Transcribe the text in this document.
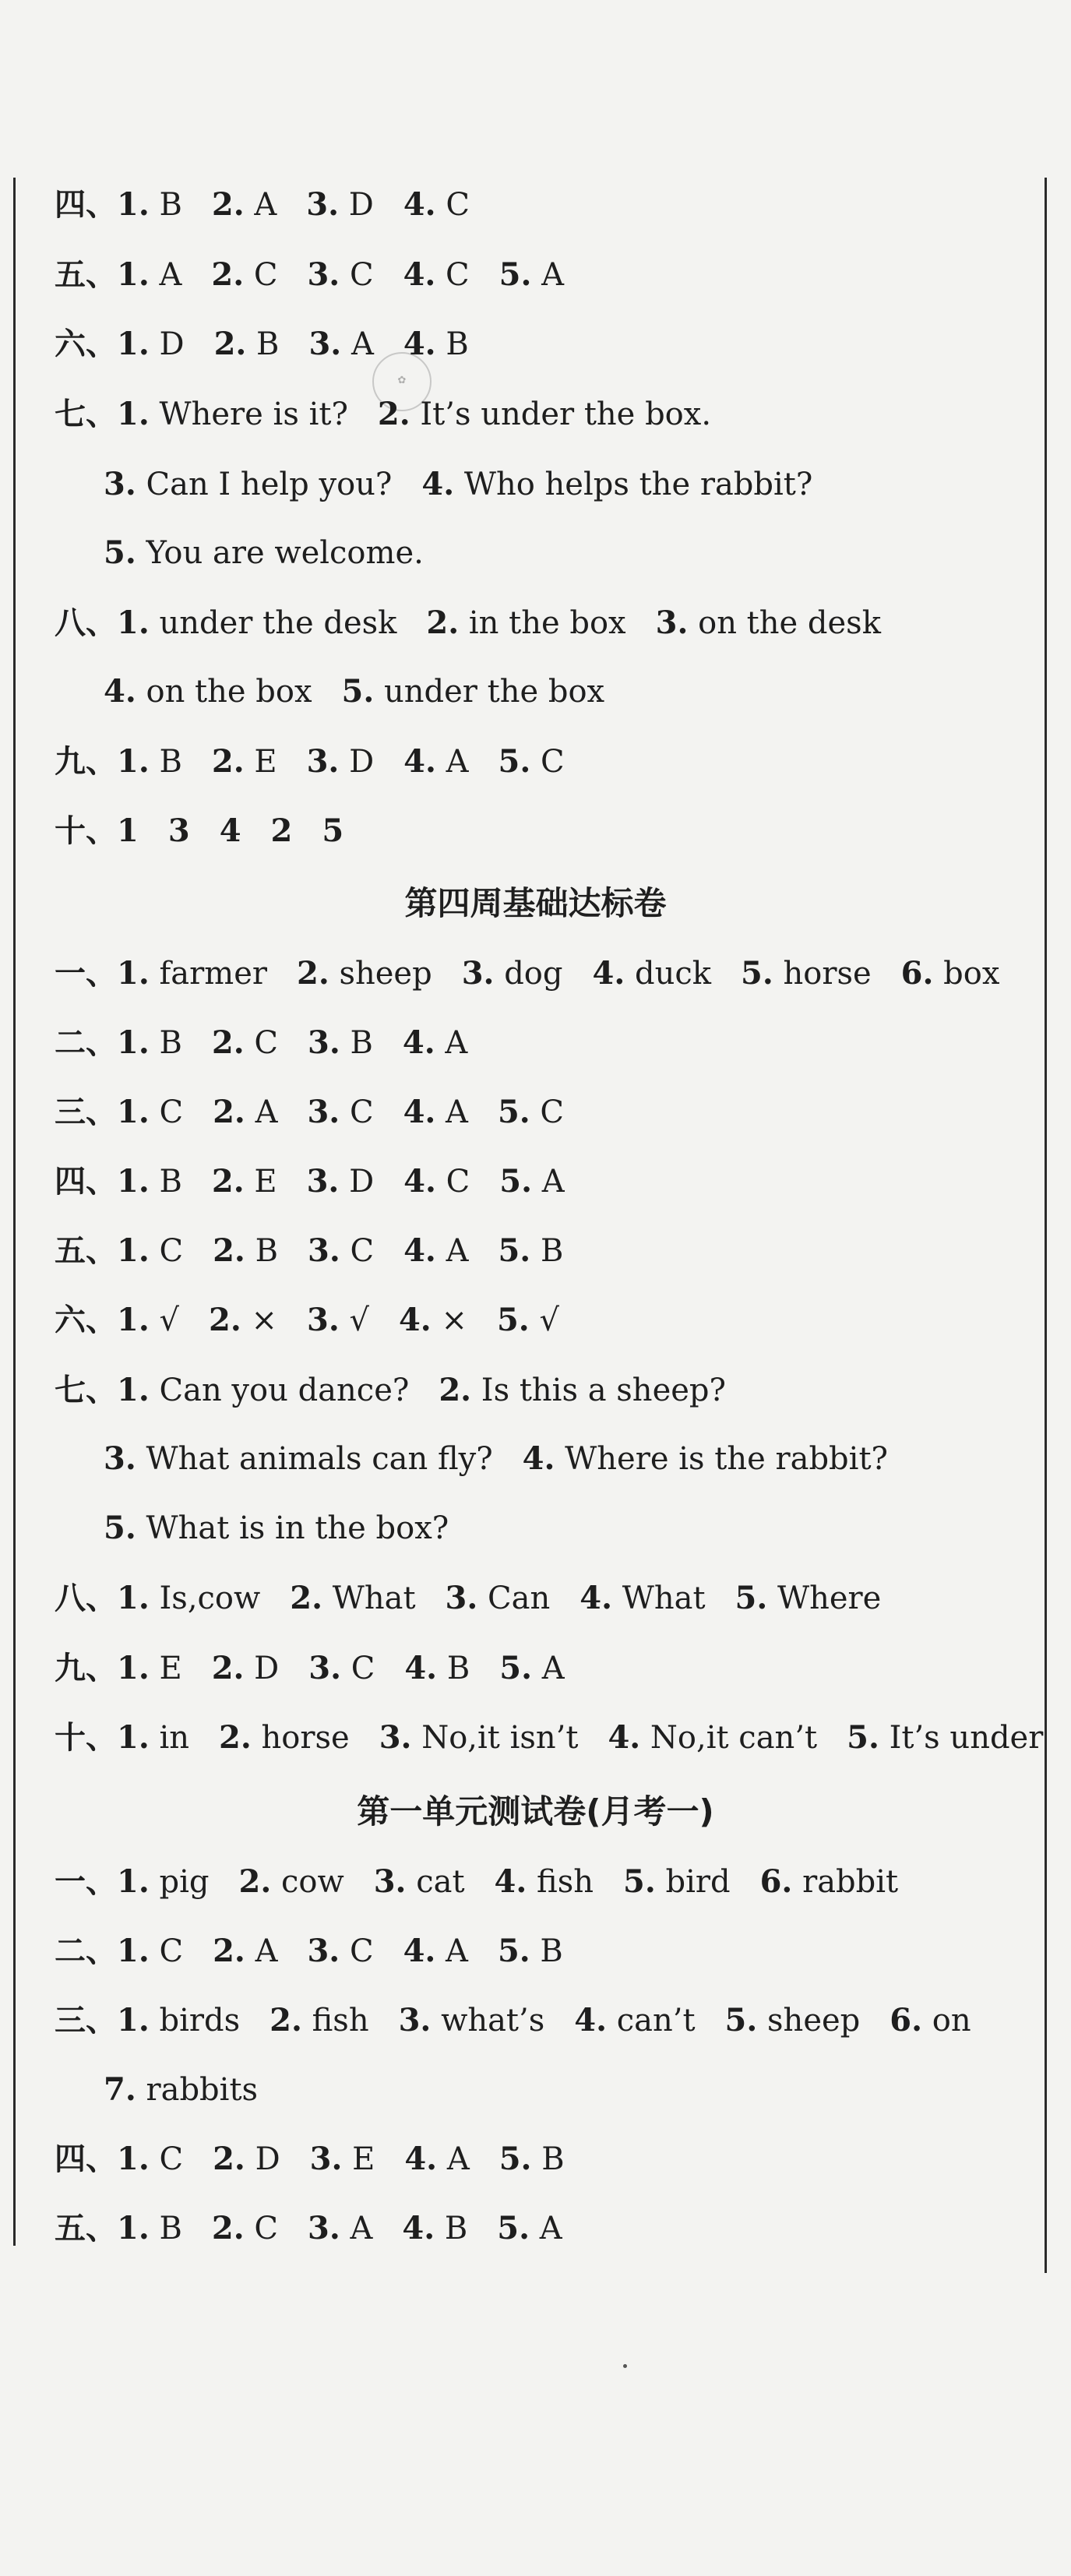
✿
四、1. B 2. A 3. D 4. C
五、1. A 2. C 3. C 4. C 5. A
六、1. D 2. B 3. A 4. B
七、1. Where is it? 2. It’s under the box.
3. Can I help you? 4. Who helps the rabbit?
5. You are welcome.
八、1. under the desk 2. in the box 3. on the desk
4. on the box 5. under the box
九、1. B 2. E 3. D 4. A 5. C
十、1 3 4 2 5
第四周基础达标卷
一、1. farmer 2. sheep 3. dog 4. duck 5. horse 6. box
二、1. B 2. C 3. B 4. A
三、1. C 2. A 3. C 4. A 5. C
四、1. B 2. E 3. D 4. C 5. A
五、1. C 2. B 3. C 4. A 5. B
六、1. √ 2. × 3. √ 4. × 5. √
七、1. Can you dance? 2. Is this a sheep?
3. What animals can fly? 4. Where is the rabbit?
5. What is in the box?
八、1. Is,cow 2. What 3. Can 4. What 5. Where
九、1. E 2. D 3. C 4. B 5. A
十、1. in 2. horse 3. No,it isn’t 4. No,it can’t 5. It’s under
第一单元测试卷(月考一)
一、1. pig 2. cow 3. cat 4. fish 5. bird 6. rabbit
二、1. C 2. A 3. C 4. A 5. B
三、1. birds 2. fish 3. what’s 4. can’t 5. sheep 6. on
7. rabbits
四、1. C 2. D 3. E 4. A 5. B
五、1. B 2. C 3. A 4. B 5. A
